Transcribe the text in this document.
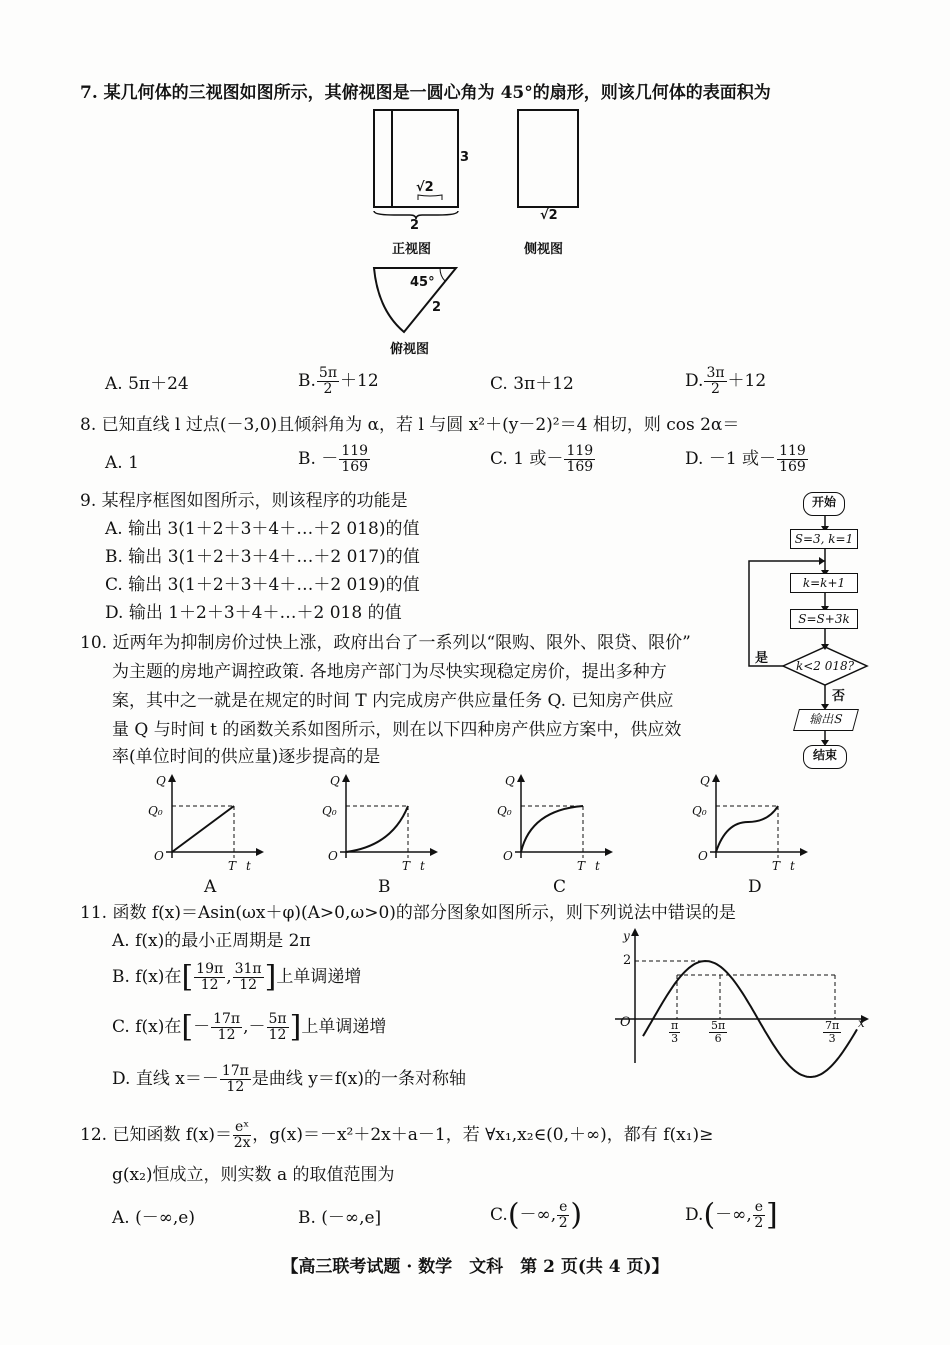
7. 某几何体的三视图如图所示，其俯视图是一圆心角为 45°的扇形，则该几何体的表面积为
√2
3
2
正视图
√2
侧视图
45°
2
俯视图
A. 5π＋24	B. $\frac{5\pi}{2} +12$	C. 3π＋12	D. $\frac{3\pi}{2} +12$
8. 已知直线 l 过点(－3,0)且倾斜角为 α，若 l 与圆 x²＋(y－2)²＝4 相切，则 cos 2α＝
A. 1	B. － $\frac{119}{169}$	C. 1 或－ $\frac{119}{169}$	D. －1 或－ $\frac{119}{169}$
9. 某程序框图如图所示，则该程序的功能是
A. 输出 3(1＋2＋3＋4＋…＋2 018)的值
B. 输出 3(1＋2＋3＋4＋…＋2 017)的值
C. 输出 3(1＋2＋3＋4＋…＋2 019)的值
D. 输出 1＋2＋3＋4＋…＋2 018 的值
开始
S=3, k=1
k=k+1
S=S+3k
k<2 018?
是
否
输出S
结束
10. 近两年为抑制房价过快上涨，政府出台了一系列以“限购、限外、限贷、限价”
为主题的房地产调控政策. 各地房产部门为尽快实现稳定房价，提出多种方
案，其中之一就是在规定的时间 T 内完成房产供应量任务 Q. 已知房产供应
量 Q 与时间 t 的函数关系如图所示，则在以下四种房产供应方案中，供应效
率(单位时间的供应量)逐步提高的是
Q
Q₀
O
T t
A
Q
Q₀
O
T t
B
Q
Q₀
O
T t
C
Q
Q₀
O
T t
D
11. 函数 f(x)＝Asin(ωx＋φ)(A>0,ω>0)的部分图象如图所示，则下列说法中错误的是
A. f(x)的最小正周期是 2π
B. f(x)在[ $\frac{19\pi}{12}$ , $\frac{31\pi}{12}$ ]上单调递增
C. f(x)在[－ $\frac{17\pi}{12}$ ,－ $\frac{5\pi}{12}$ ]上单调递增
D. 直线 $x=- \frac{17\pi}{12}$ 是曲线 y＝f(x)的一条对称轴
y
x
O
2
$\frac{\pi}{3}$	$\frac{5\pi}{6}$	$\frac{7\pi}{3}$
12. 已知函数 $f(x)= \frac{\text{eˣ}}{2x}$ ，g(x)＝－x²＋2x＋a－1，若 ∀x₁,x₂∈(0,＋∞)，都有 f(x₁)≥
g(x₂)恒成立，则实数 a 的取值范围为
A. (－∞,e)	B. (－∞,e]	C.(－∞, $\frac{e}{2}$ )	D.(－∞, $\frac{e}{2}$ ]
【高三联考试题 · 数学　文科　第 2 页(共 4 页)】
